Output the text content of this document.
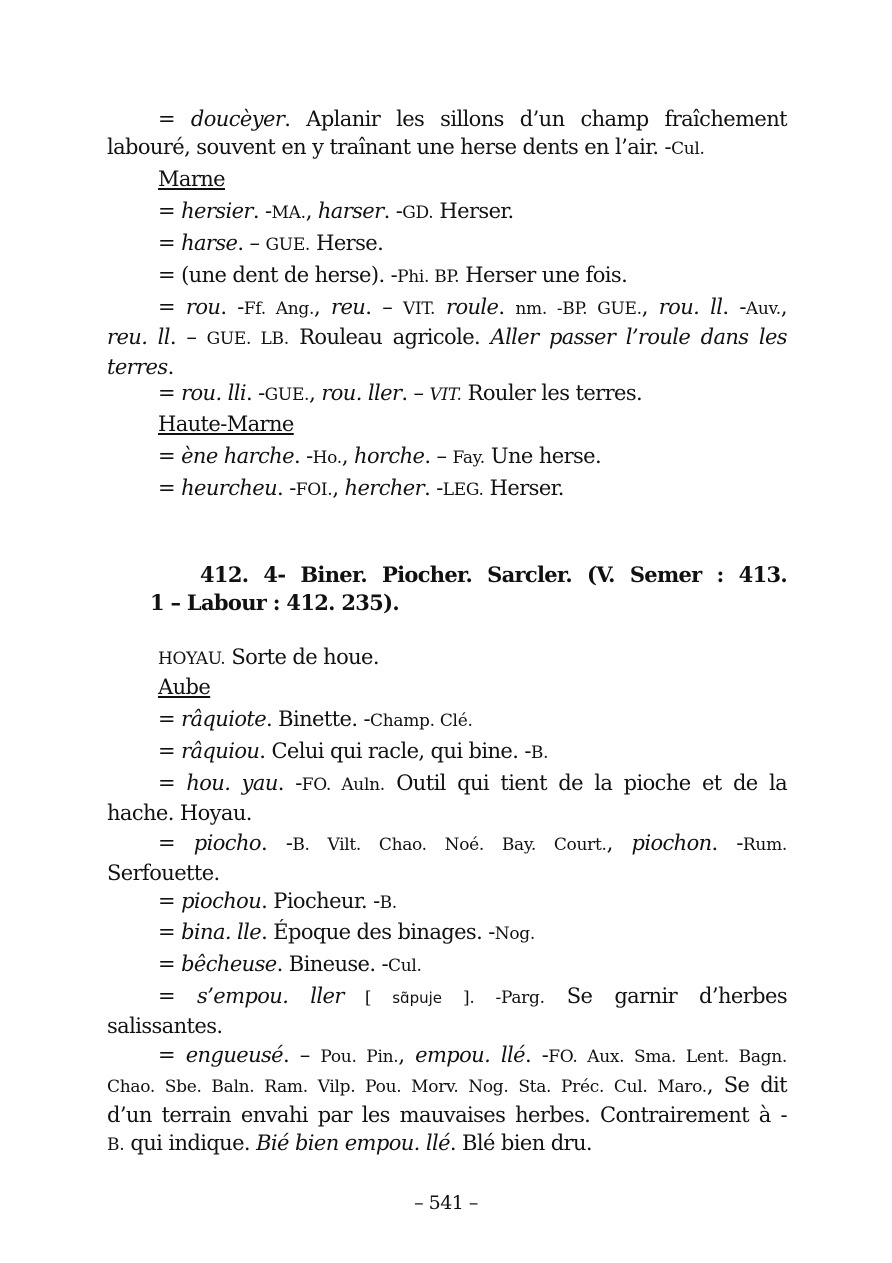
= doucèyer. Aplanir les sillons d’un champ fraîchement
labouré, souvent en y traînant une herse dents en l’air. -Cul.
Marne
= hersier. -MA., harser. -GD. Herser.
= harse. – GUE. Herse.
= (une dent de herse). -Phi. BP. Herser une fois.
= rou. -Ff. Ang., reu. – VIT. roule. nm. -BP. GUE., rou. ll. -Auv.,
reu. ll. – GUE. LB. Rouleau agricole. Aller passer l’roule dans les
terres.
= rou. lli. -GUE., rou. ller. – VIT. Rouler les terres.
Haute-Marne
= ène harche. -Ho., horche. – Fay. Une herse.
= heurcheu. -FOI., hercher. -LEG. Herser.
412. 4- Biner. Piocher. Sarcler. (V. Semer : 413.
1 – Labour : 412. 235).
HOYAU. Sorte de houe.
Aube
= râquiote. Binette. -Champ. Clé.
= râquiou. Celui qui racle, qui bine. -B.
= hou. yau. -FO. Auln. Outil qui tient de la pioche et de la
hache. Hoyau.
= piocho. -B. Vilt. Chao. Noé. Bay. Court., piochon. -Rum.
Serfouette.
= piochou. Piocheur. -B.
= bina. lle. Époque des binages. -Nog.
= bêcheuse. Bineuse. -Cul.
= s’empou. ller [ sɑ̃puje ]. -Parg. Se garnir d’herbes
salissantes.
= engueusé. – Pou. Pin., empou. llé. -FO. Aux. Sma. Lent. Bagn.
Chao. Sbe. Baln. Ram. Vilp. Pou. Morv. Nog. Sta. Préc. Cul. Maro., Se dit
d’un terrain envahi par les mauvaises herbes. Contrairement à -
B. qui indique. Bié bien empou. llé. Blé bien dru.
– 541 –
